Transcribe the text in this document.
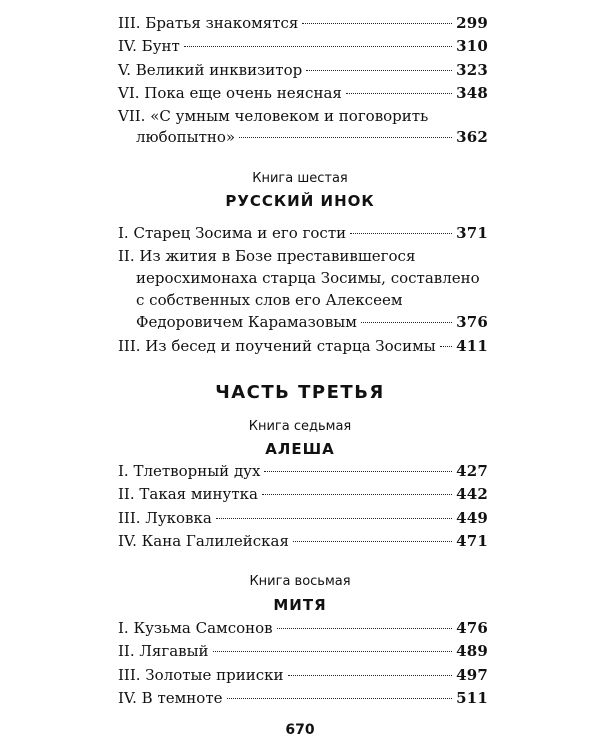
III. Братья знакомятся	299
IV. Бунт	310
V. Великий инквизитор	323
VI. Пока еще очень неясная	348
VII. «С умным человеком и поговорить
любопытно»	362
Книга шестая
РУССКИЙ ИНОК
I. Старец Зосима и его гости	371
II. Из жития в Бозе преставившегося
иеросхимонаха старца Зосимы, составлено
с собственных слов его Алексеем
Федоровичем Карамазовым	376
III. Из бесед и поучений старца Зосимы 411
ЧАСТЬ ТРЕТЬЯ
Книга седьмая
АЛЕША
I. Тлетворный дух	427
II. Такая минутка	442
III. Луковка	449
IV. Кана Галилейская	471
Книга восьмая
МИТЯ
I. Кузьма Самсонов	476
II. Лягавый	489
III. Золотые прииски	497
IV. В темноте	511
670
